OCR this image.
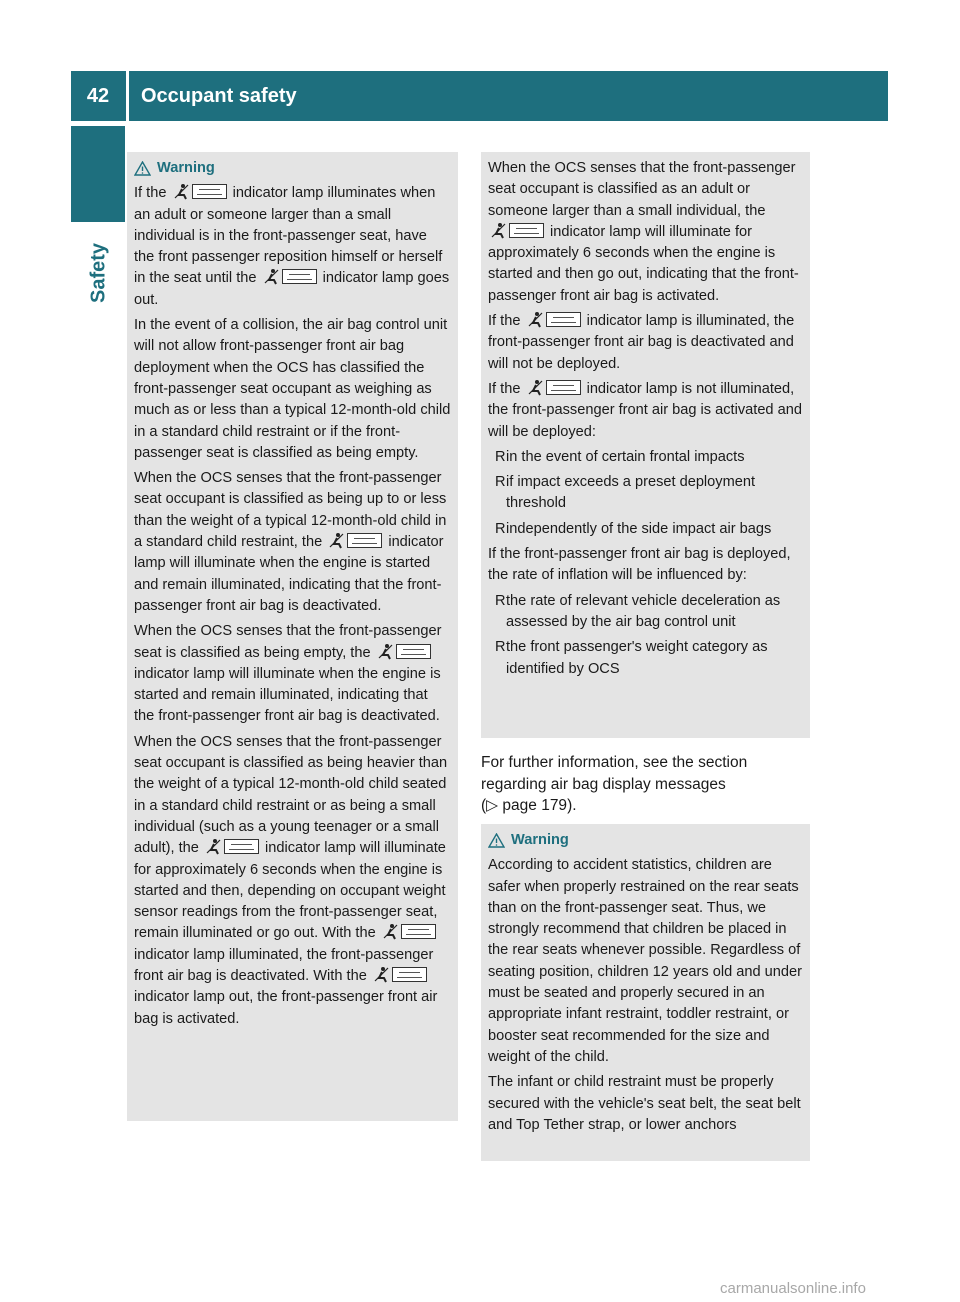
42	Occupant safety
Safety
Warning

If the	indicator lamp illuminates when an adult or someone larger than a small individual is in the front-passenger seat, have the front passenger reposition himself or herself in the seat until the	indicator lamp goes out.

In the event of a collision, the air bag control unit will not allow front-passenger front air bag deployment when the OCS has classified the front-passenger seat occupant as weighing as much as or less than a typical 12-month-old child in a standard child restraint or if the front-passenger seat is classified as being empty.

When the OCS senses that the front-passenger seat occupant is classified as being up to or less than the weight of a typical 12-month-old child in a standard child restraint, the	indicator lamp will illuminate when the engine is started and remain illuminated, indicating that the front-passenger front air bag is deactivated.

When the OCS senses that the front-passenger seat is classified as being empty, the
indicator lamp will illuminate when the engine is started and remain illuminated, indicating that the front-passenger front air bag is deactivated.

When the OCS senses that the front-passenger seat occupant is classified as being heavier than the weight of a typical 12-month-old child seated in a standard child restraint or as being a small individual (such as a young teenager or a small adult), the	indicator lamp will illuminate for approximately 6 seconds when the engine is started and then, depending on occupant weight sensor readings from the front-passenger seat, remain illuminated or go out. With the
indicator lamp illuminated, the front-passenger front air bag is deactivated. With the
indicator lamp out, the front-passenger front air bag is activated.

When the OCS senses that the front-passenger seat occupant is classified as an adult or someone larger than a small individual, the
indicator lamp will illuminate for approximately 6 seconds when the engine is started and then go out, indicating that the front-passenger front air bag is activated.

If the	indicator lamp is illuminated, the front-passenger front air bag is deactivated and will not be deployed.

If the	indicator lamp is not illuminated, the front-passenger front air bag is activated and will be deployed:

R in the event of certain frontal impacts
R if impact exceeds a preset deployment threshold
R independently of the side impact air bags

If the front-passenger front air bag is deployed, the rate of inflation will be influenced by:

R the rate of relevant vehicle deceleration as assessed by the air bag control unit
R the front passenger's weight category as identified by OCS

For further information, see the section regarding air bag display messages
(▷ page 179).

Warning

According to accident statistics, children are safer when properly restrained on the rear seats than on the front-passenger seat. Thus, we strongly recommend that children be placed in the rear seats whenever possible. Regardless of seating position, children 12 years old and under must be seated and properly secured in an appropriate infant restraint, toddler restraint, or booster seat recommended for the size and weight of the child.

The infant or child restraint must be properly secured with the vehicle's seat belt, the seat belt and Top Tether strap, or lower anchors

carmanualsonline.info
